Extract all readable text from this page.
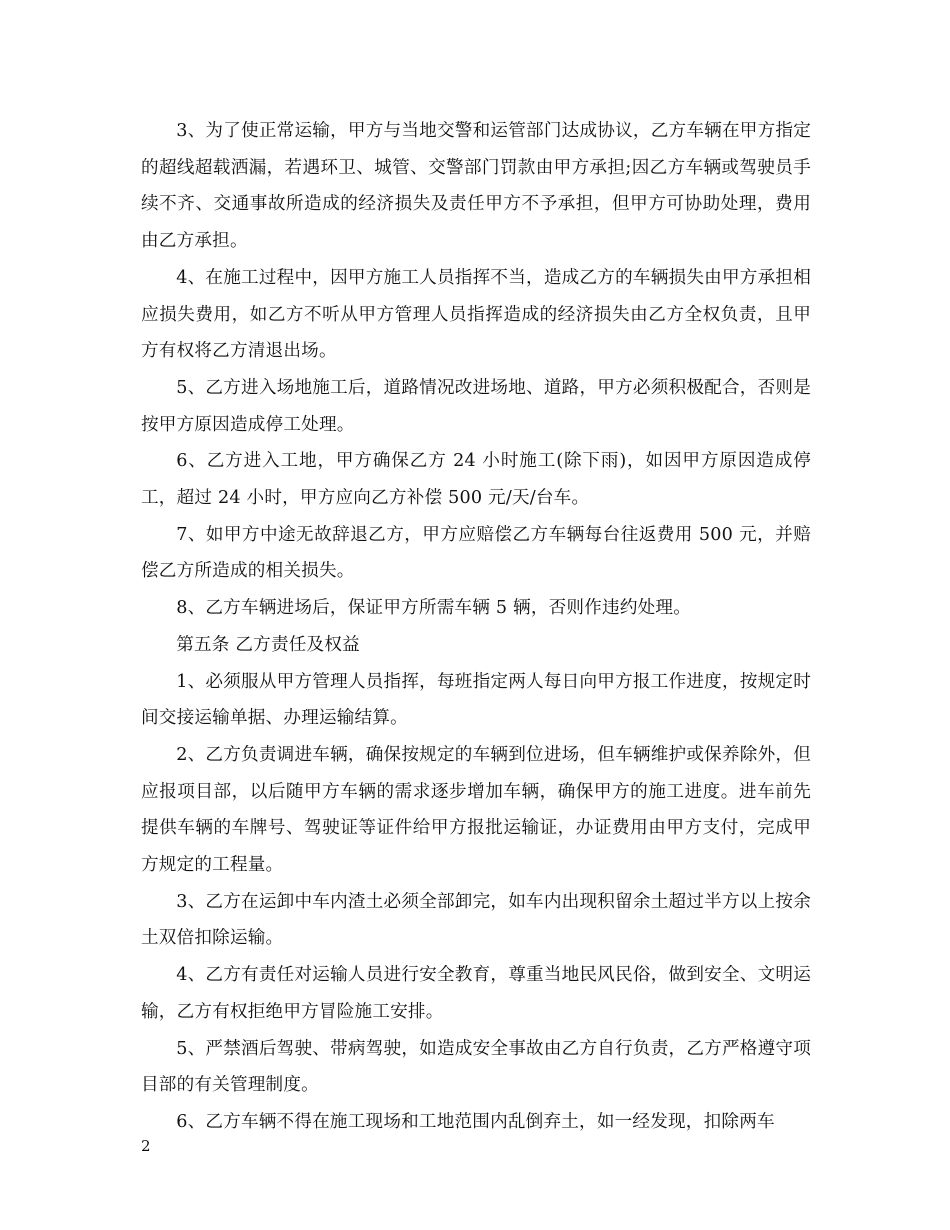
3、为了使正常运输，甲方与当地交警和运管部门达成协议，乙方车辆在甲方指定的超线超载洒漏，若遇环卫、城管、交警部门罚款由甲方承担;因乙方车辆或驾驶员手续不齐、交通事故所造成的经济损失及责任甲方不予承担，但甲方可协助处理，费用由乙方承担。

4、在施工过程中，因甲方施工人员指挥不当，造成乙方的车辆损失由甲方承担相应损失费用，如乙方不听从甲方管理人员指挥造成的经济损失由乙方全权负责，且甲方有权将乙方清退出场。

5、乙方进入场地施工后，道路情况改进场地、道路，甲方必须积极配合，否则是按甲方原因造成停工处理。

6、乙方进入工地，甲方确保乙方 24 小时施工(除下雨)，如因甲方原因造成停工，超过 24 小时，甲方应向乙方补偿 500 元/天/台车。

7、如甲方中途无故辞退乙方，甲方应赔偿乙方车辆每台往返费用 500 元，并赔偿乙方所造成的相关损失。

8、乙方车辆进场后，保证甲方所需车辆 5 辆，否则作违约处理。

第五条 乙方责任及权益

1、必须服从甲方管理人员指挥，每班指定两人每日向甲方报工作进度，按规定时间交接运输单据、办理运输结算。

2、乙方负责调进车辆，确保按规定的车辆到位进场，但车辆维护或保养除外，但应报项目部，以后随甲方车辆的需求逐步增加车辆，确保甲方的施工进度。进车前先提供车辆的车牌号、驾驶证等证件给甲方报批运输证，办证费用由甲方支付，完成甲方规定的工程量。

3、乙方在运卸中车内渣土必须全部卸完，如车内出现积留余土超过半方以上按余土双倍扣除运输。

4、乙方有责任对运输人员进行安全教育，尊重当地民风民俗，做到安全、文明运输，乙方有权拒绝甲方冒险施工安排。

5、严禁酒后驾驶、带病驾驶，如造成安全事故由乙方自行负责，乙方严格遵守项目部的有关管理制度。

6、乙方车辆不得在施工现场和工地范围内乱倒弃土，如一经发现，扣除两车

2
